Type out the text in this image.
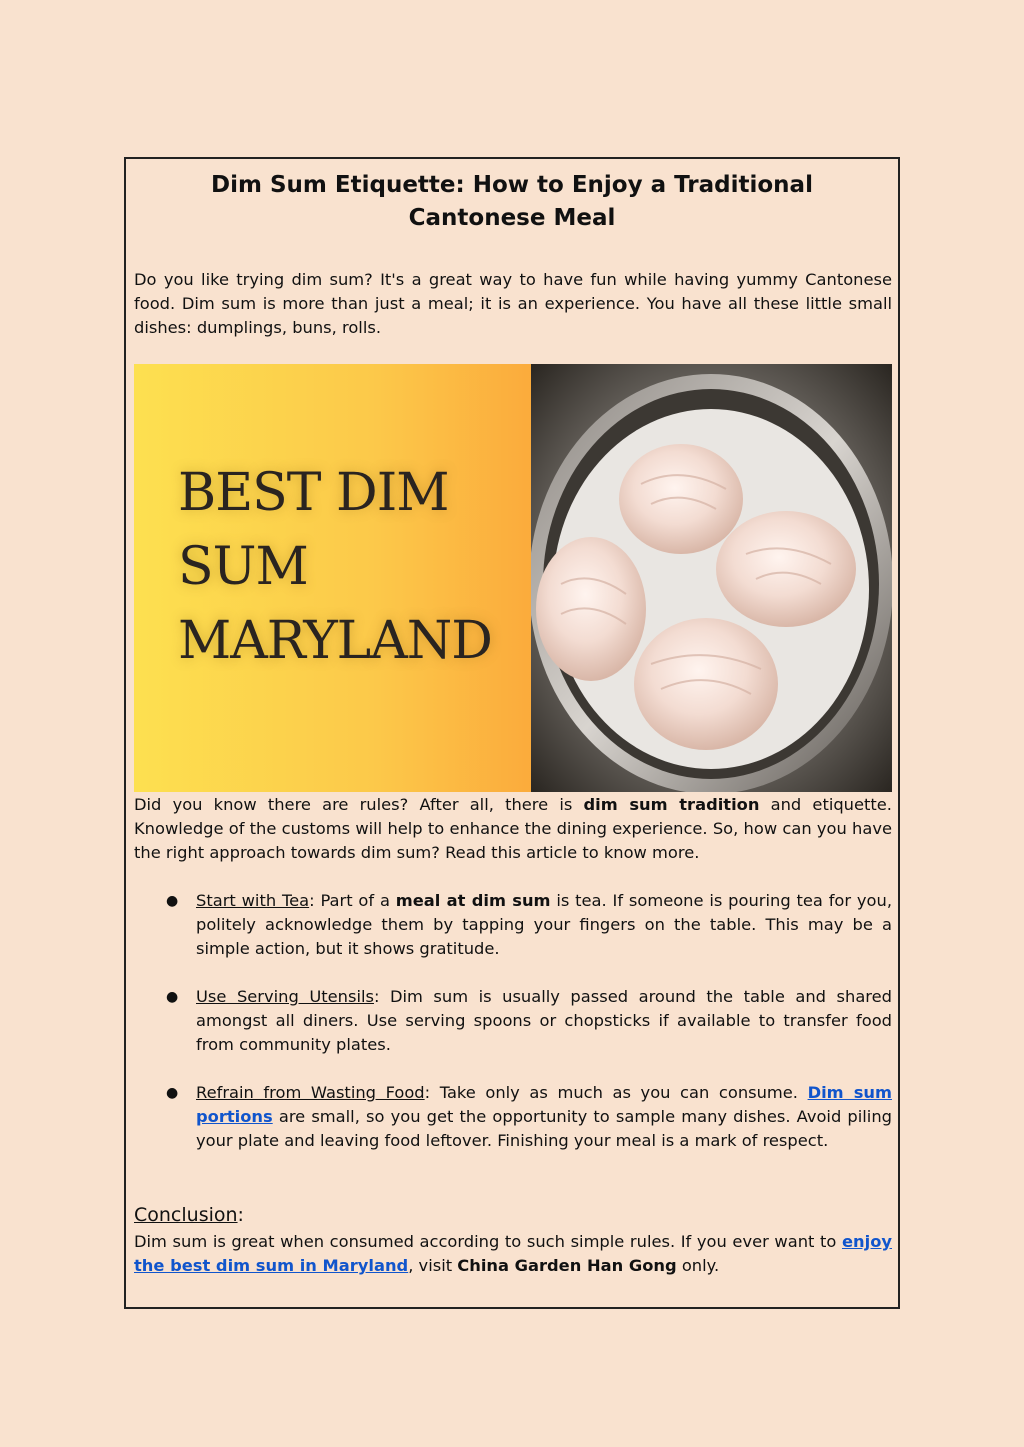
Dim Sum Etiquette: How to Enjoy a Traditional Cantonese Meal

Do you like trying dim sum? It's a great way to have fun while having yummy Cantonese food. Dim sum is more than just a meal; it is an experience. You have all these little small dishes: dumplings, buns, rolls.

BEST DIM
SUM
MARYLAND

Did you know there are rules? After all, there is dim sum tradition and etiquette. Knowledge of the customs will help to enhance the dining experience. So, how can you have the right approach towards dim sum? Read this article to know more.

● Start with Tea: Part of a meal at dim sum is tea. If someone is pouring tea for you, politely acknowledge them by tapping your fingers on the table. This may be a simple action, but it shows gratitude.
● Use Serving Utensils: Dim sum is usually passed around the table and shared amongst all diners. Use serving spoons or chopsticks if available to transfer food from community plates.
● Refrain from Wasting Food: Take only as much as you can consume. Dim sum portions are small, so you get the opportunity to sample many dishes. Avoid piling your plate and leaving food leftover. Finishing your meal is a mark of respect.
Conclusion:

Dim sum is great when consumed according to such simple rules. If you ever want to enjoy the best dim sum in Maryland, visit China Garden Han Gong only.
